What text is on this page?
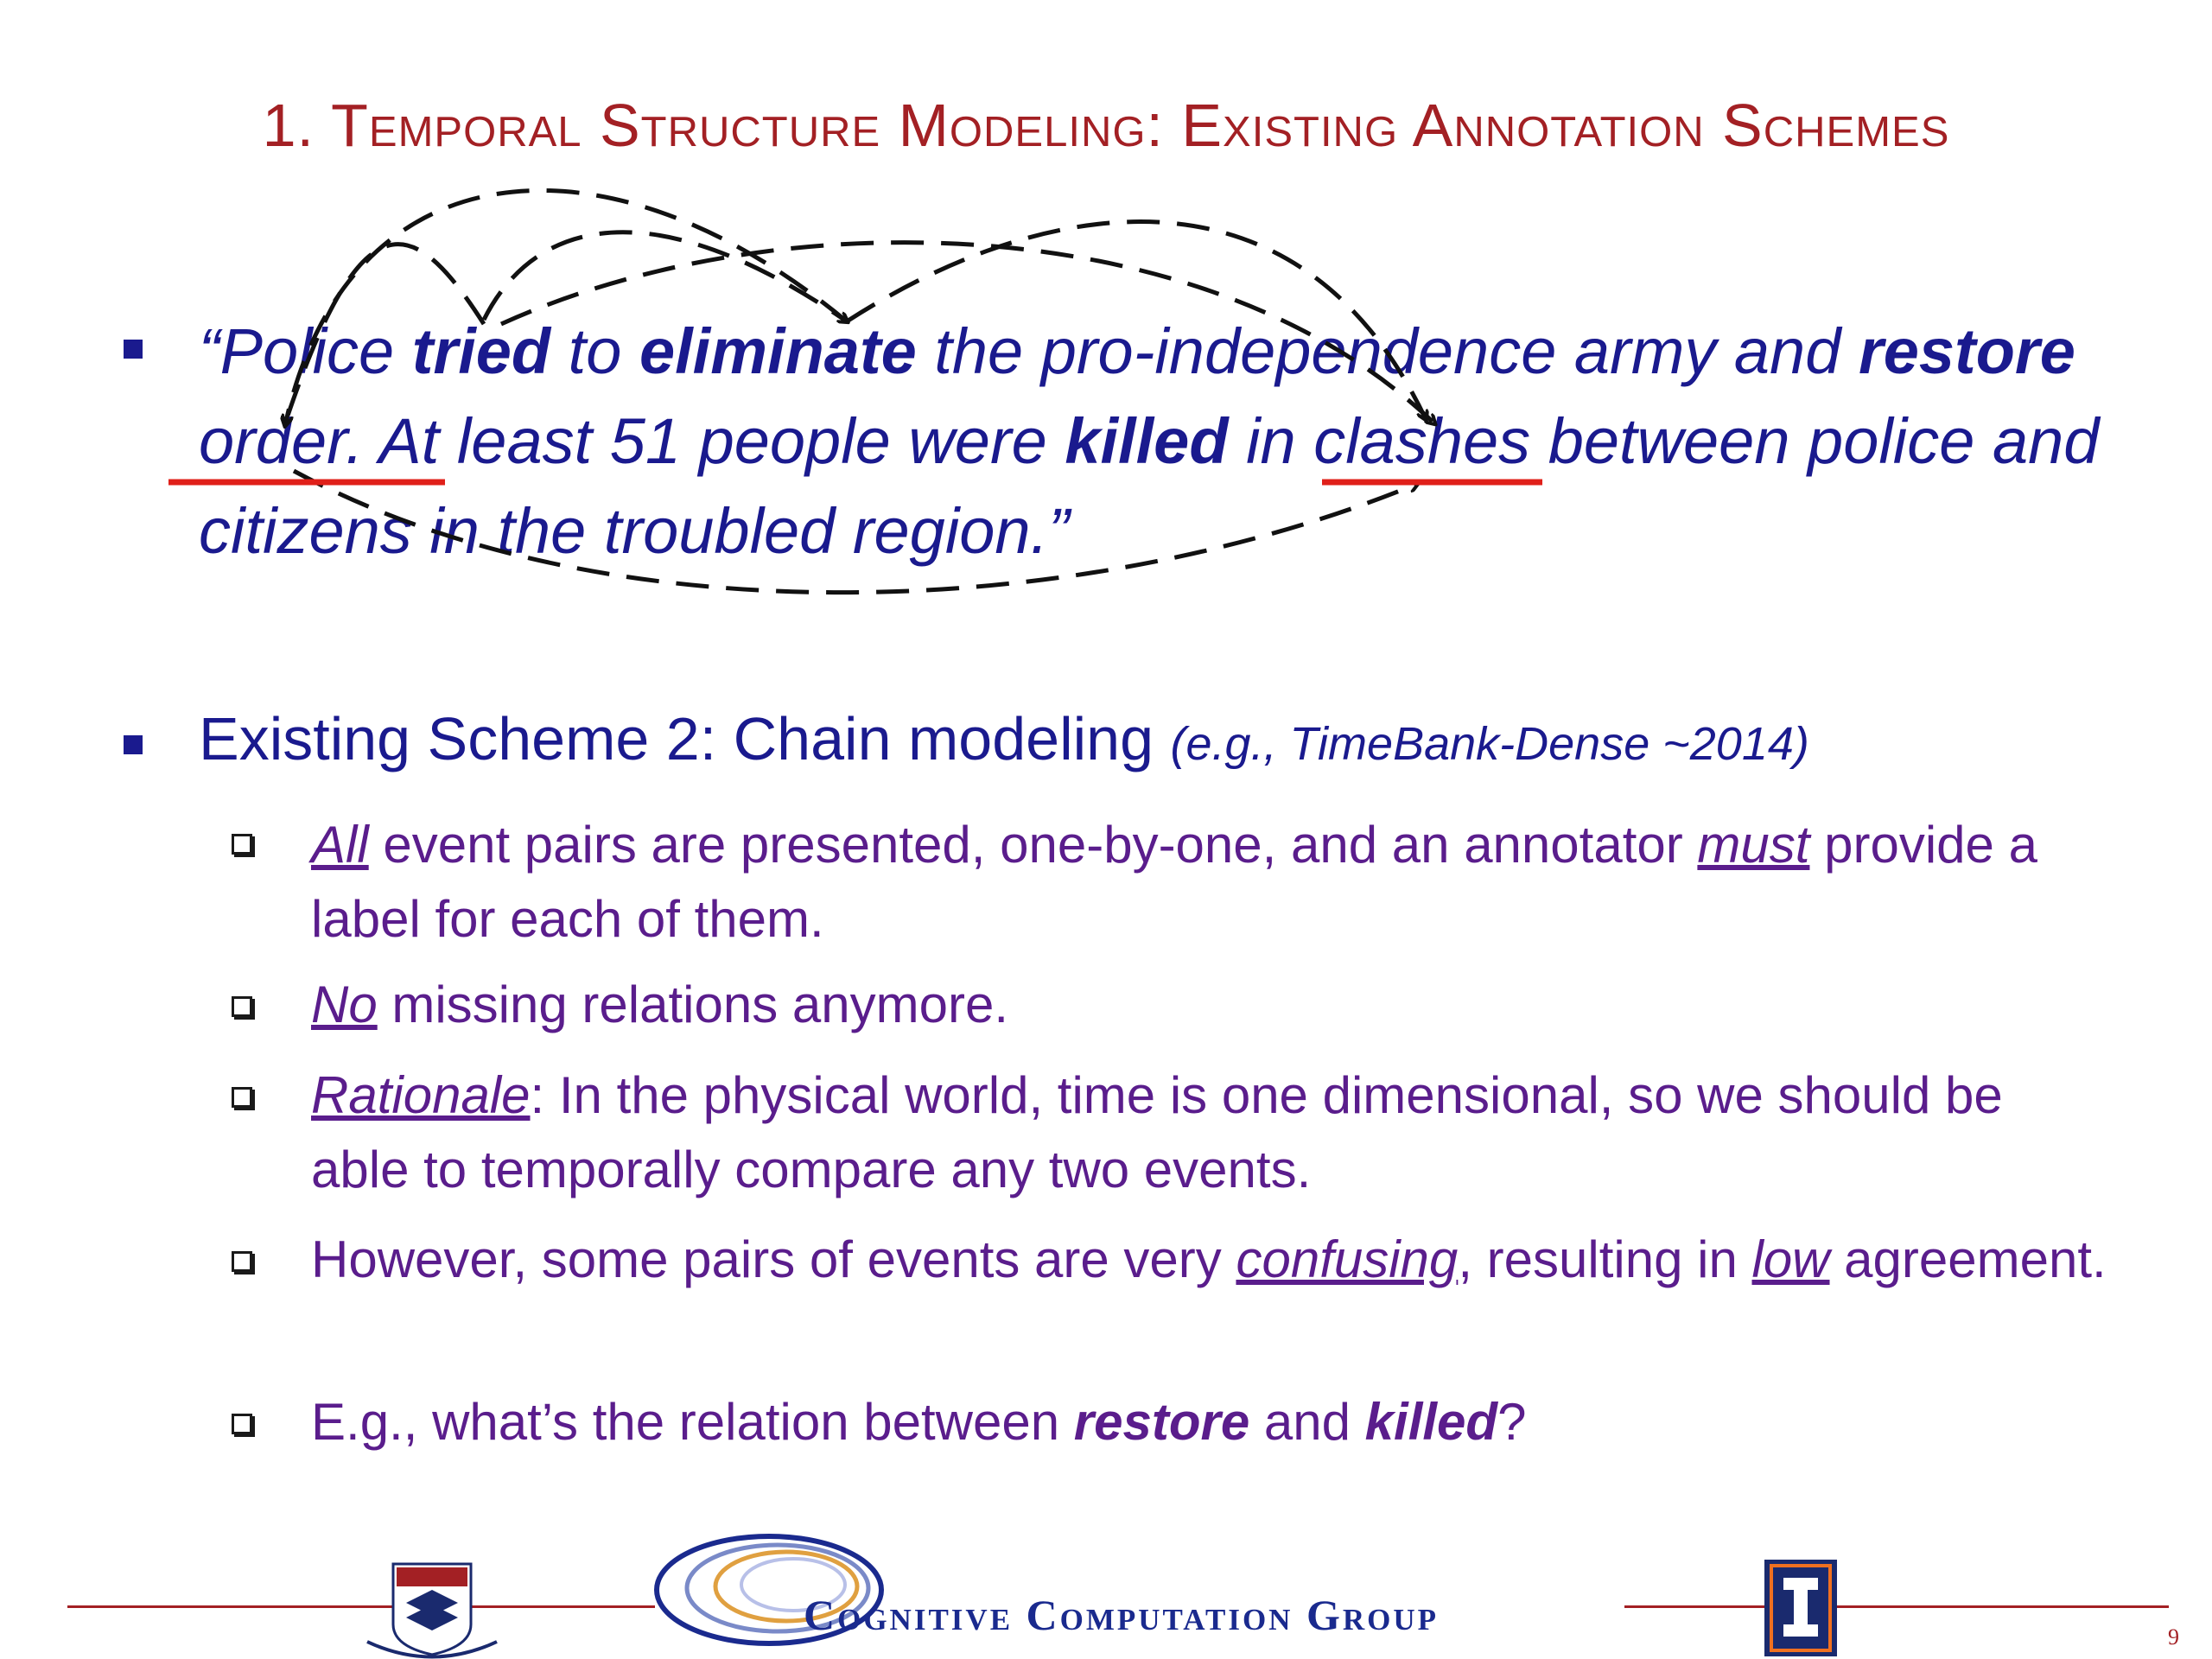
1. Temporal Structure Modeling: Existing Annotation Schemes
“Police tried to eliminate the pro-independence army and restore order. At least 51 people were killed in clashes between police and citizens in the troubled region.”
Existing Scheme 2: Chain modeling (e.g., TimeBank-Dense ~2014)
All event pairs are presented, one-by-one, and an annotator must provide a label for each of them.
No missing relations anymore.
Rationale: In the physical world, time is one dimensional, so we should be able to temporally compare any two events.
However, some pairs of events are very confusing, resulting in low agreement.
E.g., what’s the relation between restore and killed?
Cognitive Computation Group	9
